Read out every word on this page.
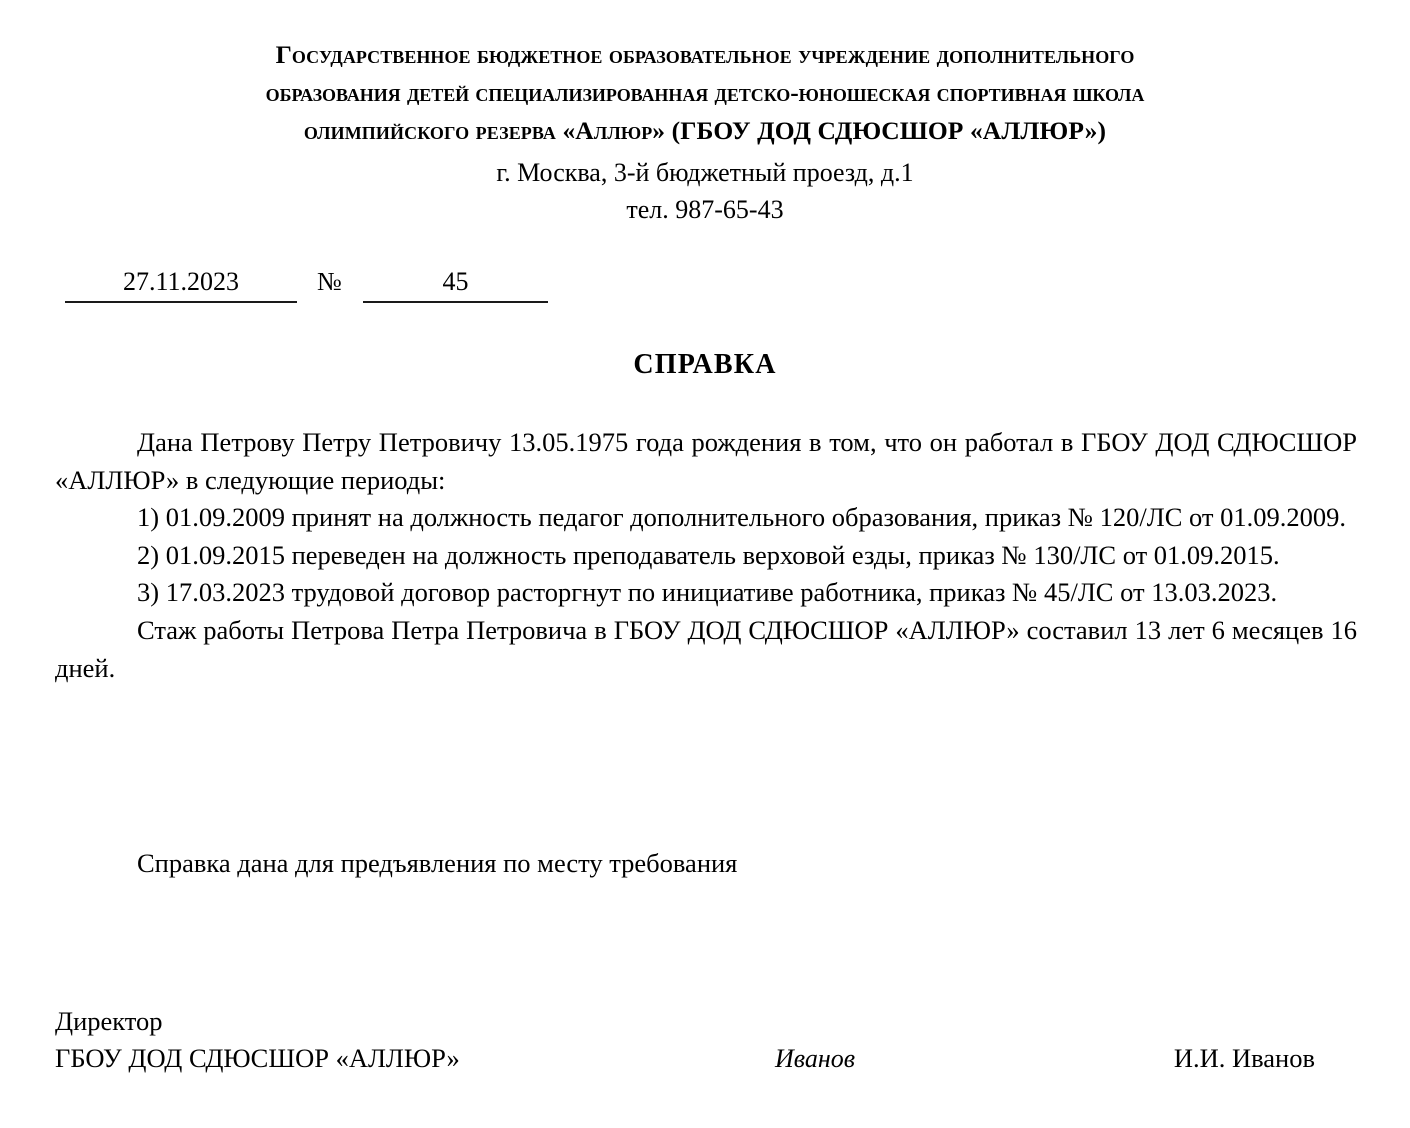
Государственное бюджетное образовательное учреждение дополнительного
образования детей специализированная детско-юношеская спортивная школа
олимпийского резерва «Аллюр» (ГБОУ ДОД СДЮСШОР «АЛЛЮР»)
г. Москва, 3-й бюджетный проезд, д.1
тел. 987-65-43
27.11.2023	№	45
СПРАВКА

Дана Петрову Петру Петровичу 13.05.1975 года рождения в том, что он работал в ГБОУ ДОД СДЮСШОР «АЛЛЮР» в следующие периоды:

1) 01.09.2009 принят на должность педагог дополнительного образования, приказ № 120/ЛС от 01.09.2009.

2) 01.09.2015 переведен на должность преподаватель верховой езды, приказ № 130/ЛС от 01.09.2015.

3) 17.03.2023 трудовой договор расторгнут по инициативе работника, приказ № 45/ЛС от 13.03.2023.

Стаж работы Петрова Петра Петровича в ГБОУ ДОД СДЮСШОР «АЛЛЮР» составил 13 лет 6 месяцев 16 дней.

Справка дана для предъявления по месту требования

Директор
ГБОУ ДОД СДЮСШОР «АЛЛЮР»	Иванов	И.И. Иванов
